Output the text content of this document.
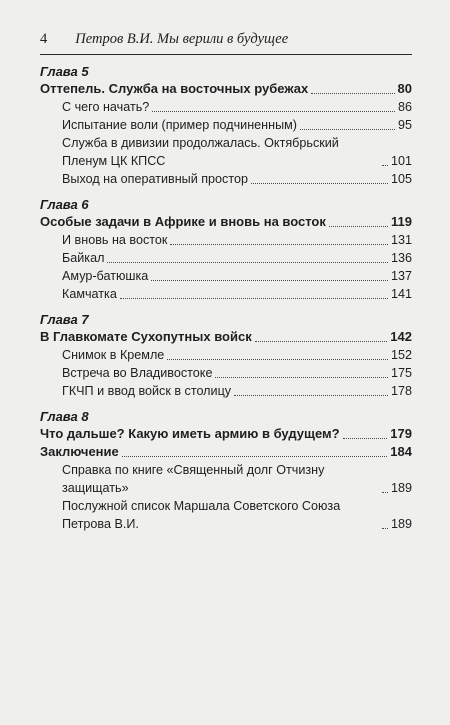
4 Петров В.И. Мы верили в будущее
Глава 5
Оттепель. Служба на восточных рубежах	80
С чего начать?	86
Испытание воли (пример подчиненным)	95
Служба в дивизии продолжалась. Октябрьский Пленум ЦК КПСС	101
Выход на оперативный простор	105
Глава 6
Особые задачи в Африке и вновь на восток	119
И вновь на восток	131
Байкал	136
Амур-батюшка	137
Камчатка	141
Глава 7
В Главкомате Сухопутных войск	142
Снимок в Кремле	152
Встреча во Владивостоке	175
ГКЧП и ввод войск в столицу	178
Глава 8
Что дальше? Какую иметь армию в будущем?	179
Заключение	184
Справка по книге «Священный долг Отчизну защищать»	189
Послужной список Маршала Советского Союза Петрова В.И.	189
